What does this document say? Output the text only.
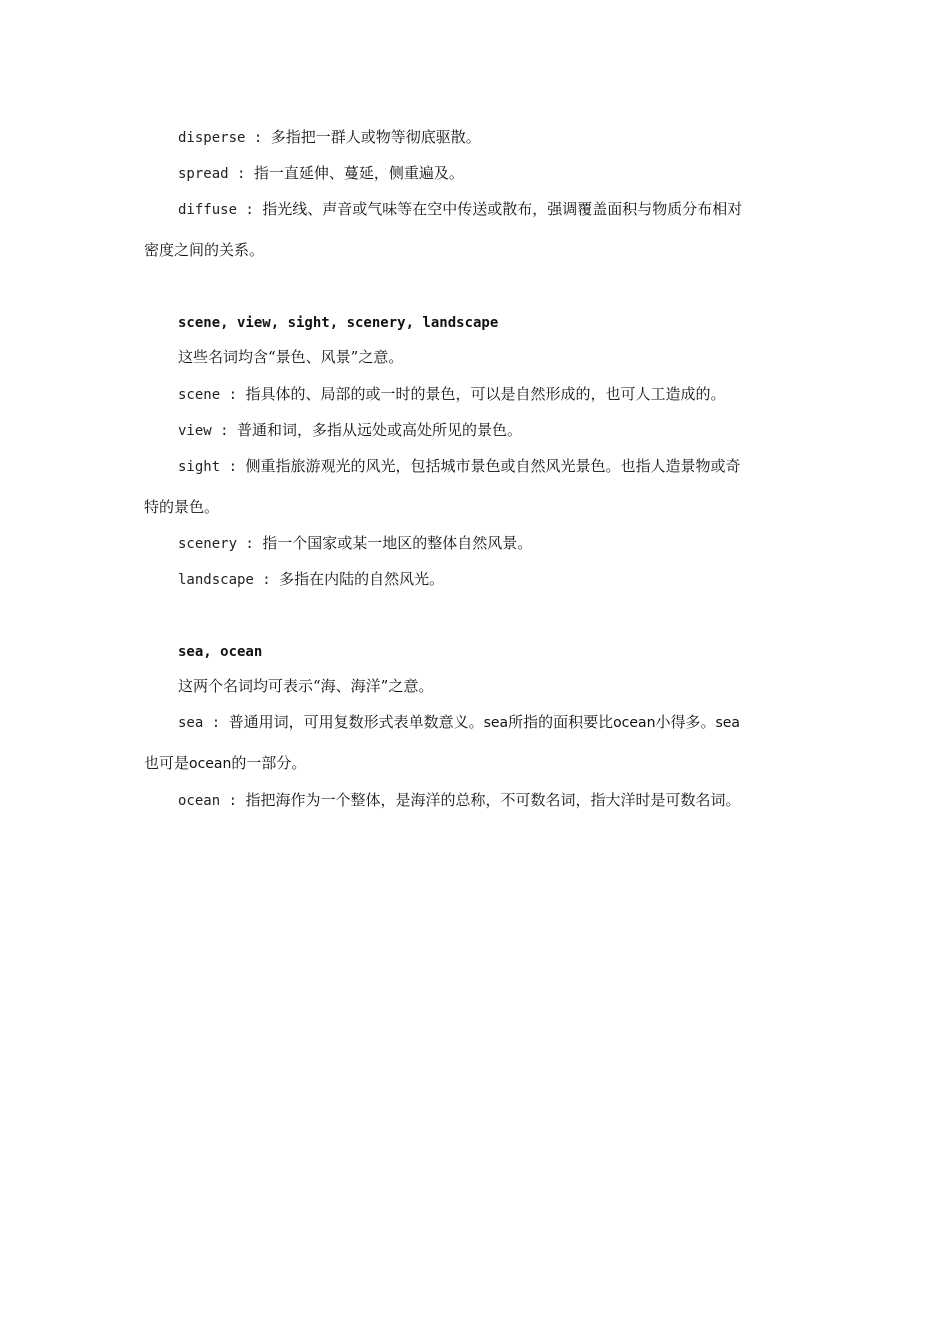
disperse : 多指把一群人或物等彻底驱散。
spread : 指一直延伸、蔓延，侧重遍及。
diffuse : 指光线、声音或气味等在空中传送或散布，强调覆盖面积与物质分布相对
密度之间的关系。
scene, view, sight, scenery, landscape
这些名词均含“景色、风景”之意。
scene : 指具体的、局部的或一时的景色，可以是自然形成的，也可人工造成的。
view : 普通和词，多指从远处或高处所见的景色。
sight : 侧重指旅游观光的风光，包括城市景色或自然风光景色。也指人造景物或奇
特的景色。
scenery : 指一个国家或某一地区的整体自然风景。
landscape : 多指在内陆的自然风光。
sea, ocean
这两个名词均可表示“海、海洋”之意。
sea : 普通用词，可用复数形式表单数意义。sea所指的面积要比ocean小得多。sea
也可是ocean的一部分。
ocean : 指把海作为一个整体，是海洋的总称，不可数名词，指大洋时是可数名词。
